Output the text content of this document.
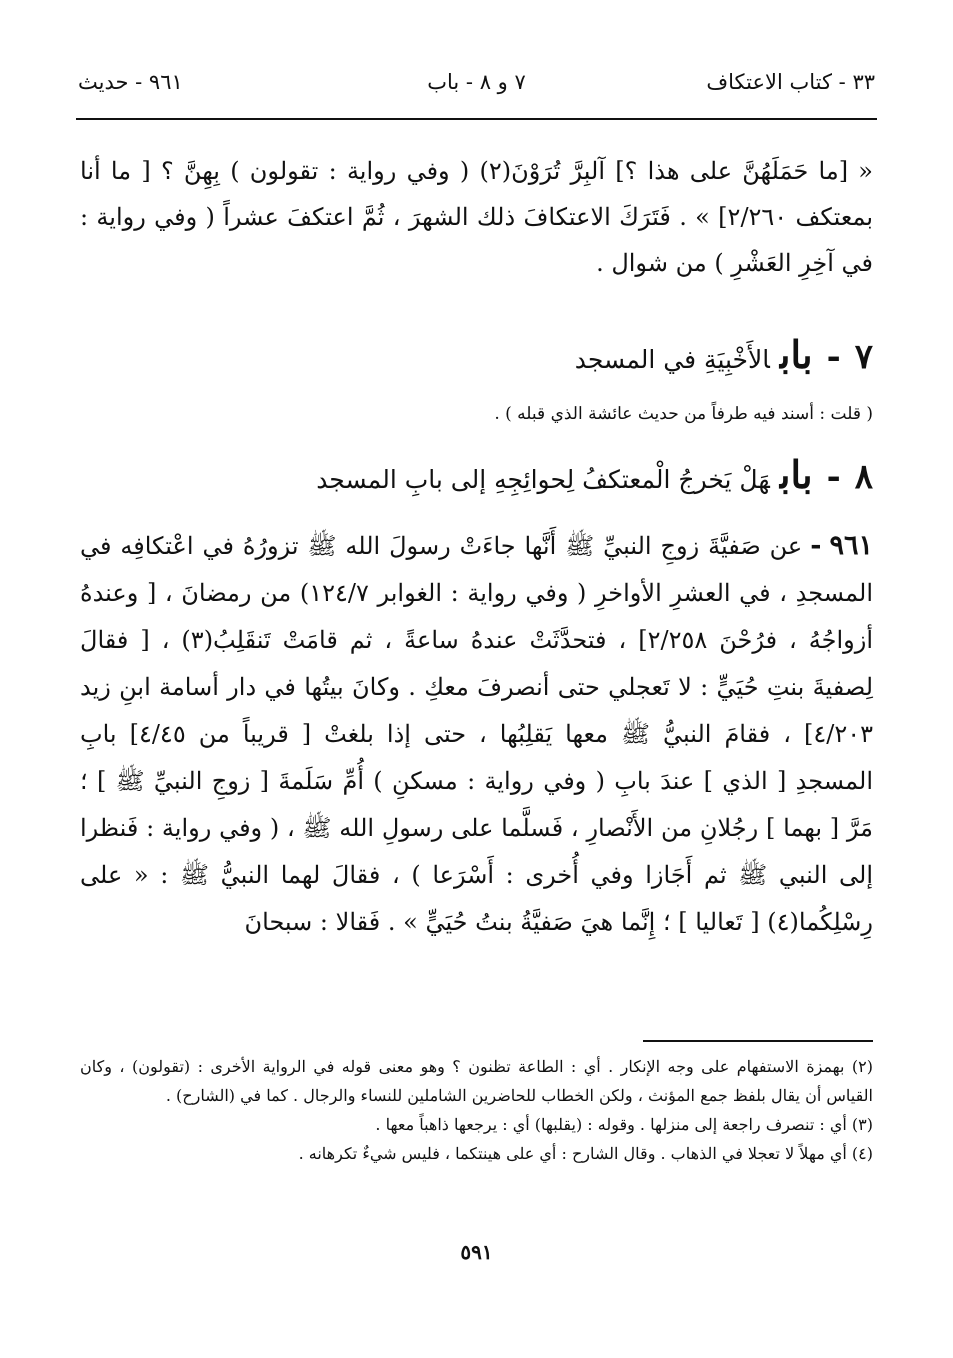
٣٣ - كتاب الاعتكاف
٧ و ٨ - باب
٩٦١ - حديث
« [ما حَمَلَهُنَّ على هذا ؟] آلبِرَّ تُرَوْنَ(٢) ( وفي رواية : تقولون ) بِهِنَّ ؟ [ ما أنا بمعتكف ٢/٢٦٠] » . فَتَرَكَ الاعتكافَ ذلك الشهرَ ، ثُمَّ اعتكفَ عشراً ( وفي رواية : في آخِرِ العَشْرِ ) من شوال .
٧-بابالأَخْبِيَةِ في المسجد
( قلت : أسند فيه طرفاً من حديث عائشة الذي قبله ) .
٨-بابهَلْ يَخرجُ الْمعتكفُ لِحوائِجِهِ إلى بابِ المسجد
٩٦١-عن صَفيَّةَ زوجِ النبيِّ ﷺ أَنَّها جاءَتْ رسولَ الله ﷺ تزورُهُ في اعْتكافِه في المسجدِ ، في العشرِ الأواخرِ ( وفي رواية : الغوابر ١٢٤/٧) من رمضانَ ، [ وعندهُ أزواجُهُ ، فرُحْنَ ٢/٢٥٨] ، فتحدَّثَتْ عندهُ ساعةً ، ثم قامَتْ تَنقَلِبُ(٣) ، [ فقالَ لِصفيةَ بنتِ حُيَيٍّ : لا تَعجلي حتى أنصرفَ معكِ . وكانَ بيتُها في دار أسامة ابنِ زيد ٤/٢٠٣] ، فقامَ النبيُّ ﷺ معها يَقلِبُها ، حتى إذا بلغتْ [ قريباً من ٤/٤٥] بابِ المسجدِ [ الذي ] عندَ بابِ ( وفي رواية : مسكنِ ) أُمِّ سَلَمةَ [ زوجِ النبيِّ ﷺ ] ؛ مَرَّ [ بهما ] رجُلانِ من الأَنْصارِ ، فَسلَّما على رسولِ الله ﷺ ، ( وفي رواية : فَنظرا إلى النبي ﷺ ثم أَجَازا وفي أُخرى : أَسْرَعا ) ، فقالَ لهما النبيُّ ﷺ : « على رِسْلِكُما(٤) [ تَعاليا ] ؛ إِنَّما هيَ صَفيَّةُ بنتُ حُيَيٍّ » . فَقالا : سبحانَ

(٢) بهمزة الاستفهام على وجه الإنكار . أي : الطاعة تظنون ؟ وهو معنى قوله في الرواية الأخرى : (تقولون) ، وكان القياس أن يقال بلفظ جمع المؤنث ، ولكن الخطاب للحاضرين الشاملين للنساء والرجال . كما في (الشارح) .

(٣) أي : تنصرف راجعة إلى منزلها . وقوله : (يقلبها) أي : يرجعها ذاهباً معها .

(٤) أي مهلاً لا تعجلا في الذهاب . وقال الشارح : أي على هينتكما ، فليس شيءٌ تكرهانه .

٥٩١
